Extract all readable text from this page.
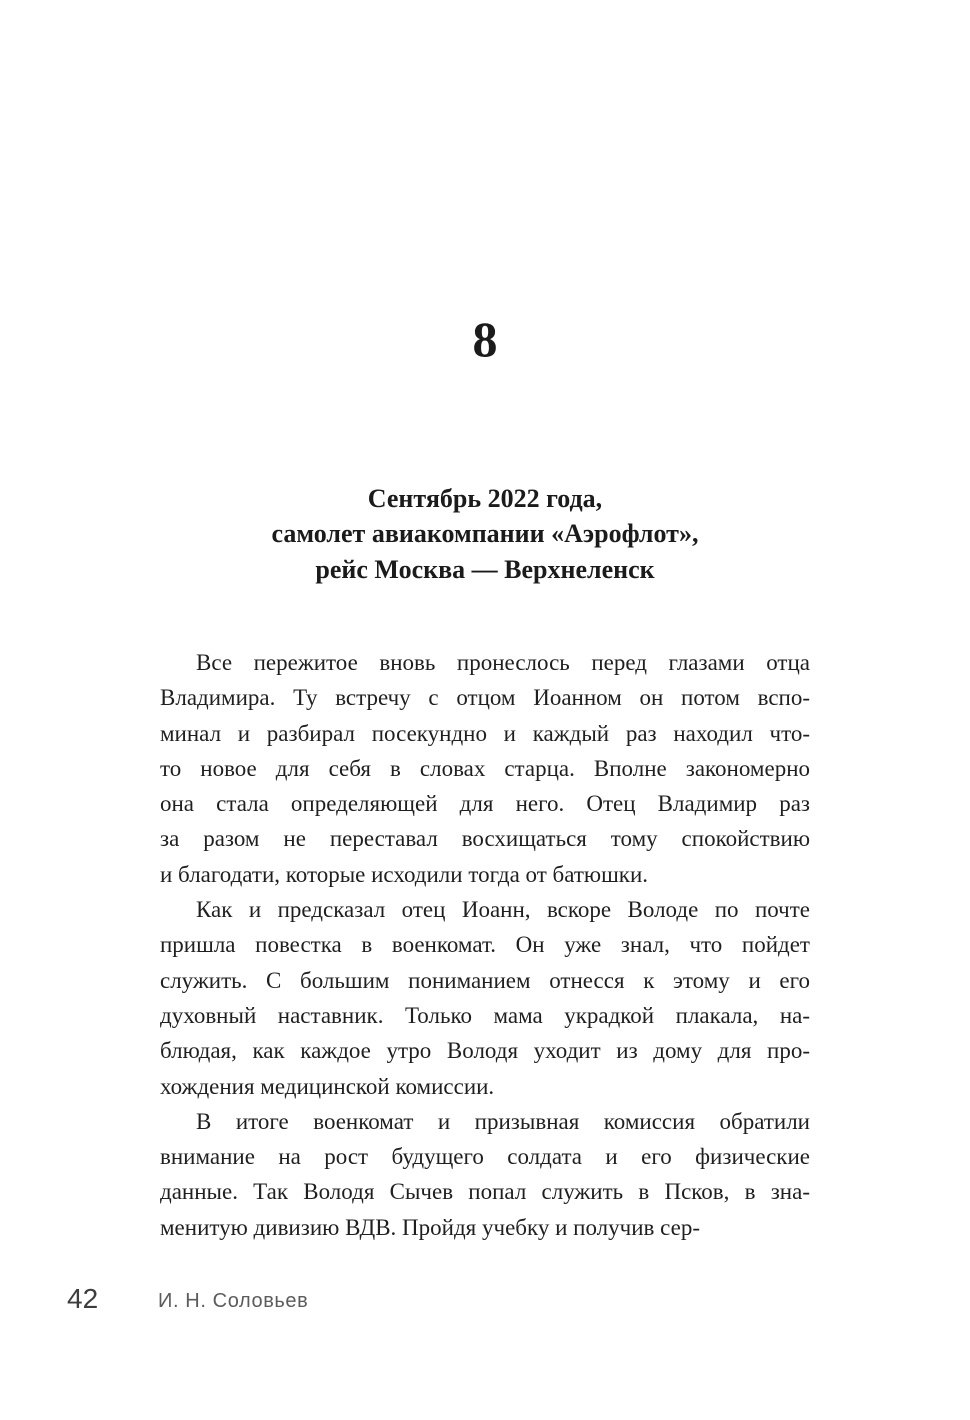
8
Сентябрь 2022 года,
самолет авиакомпании «Аэрофлот»,
рейс Москва — Верхнеленск
Все пережитое вновь пронеслось перед глазами отца
Владимира. Ту встречу с отцом Иоанном он потом вспо-
минал и разбирал посекундно и каждый раз находил что-
то новое для себя в словах старца. Вполне закономерно
она стала определяющей для него. Отец Владимир раз
за разом не переставал восхищаться тому спокойствию
и благодати, которые исходили тогда от батюшки.
Как и предсказал отец Иоанн, вскоре Володе по почте
пришла повестка в военкомат. Он уже знал, что пойдет
служить. С большим пониманием отнесся к этому и его
духовный наставник. Только мама украдкой плакала, на-
блюдая, как каждое утро Володя уходит из дому для про-
хождения медицинской комиссии.
В итоге военкомат и призывная комиссия обратили
внимание на рост будущего солдата и его физические
данные. Так Володя Сычев попал служить в Псков, в зна-
менитую дивизию ВДВ. Пройдя учебку и получив сер-
42	И. Н. Соловьев
